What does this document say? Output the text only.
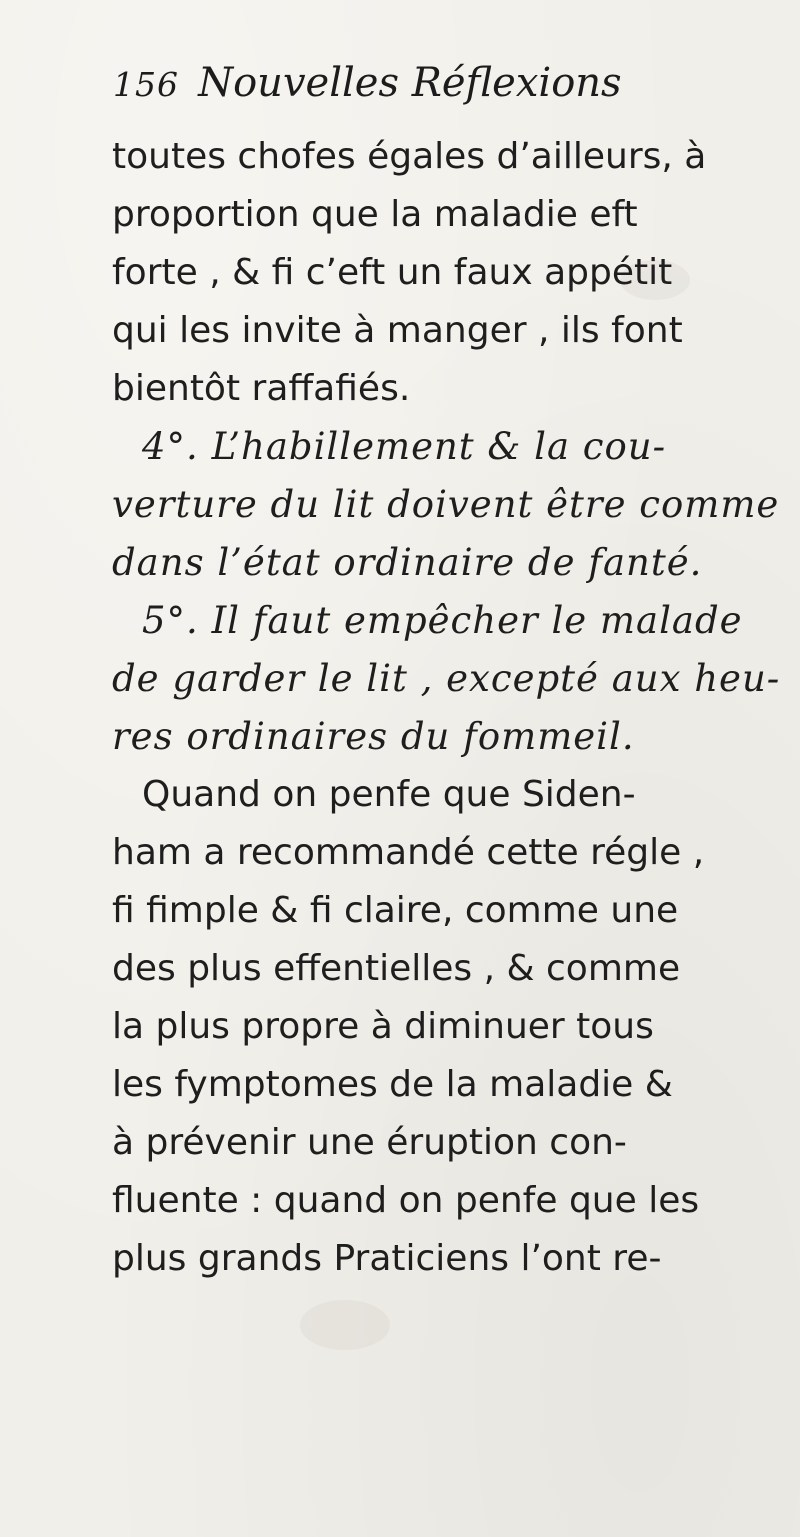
156 Nouvelles Réflexions
toutes chofes égales d’ailleurs, à
proportion que la maladie eft
forte , & fi c’eft un faux appétit
qui les invite à manger , ils font
bientôt raffafiés.
4°. L’habillement & la cou-
verture du lit doivent être comme
dans l’état ordinaire de fanté.
5°. Il faut empêcher le malade
de garder le lit , excepté aux heu-
res ordinaires du fommeil.
Quand on penfe que Siden-
ham a recommandé cette régle ,
fi fimple & fi claire, comme une
des plus effentielles , & comme
la plus propre à diminuer tous
les fymptomes de la maladie &
à prévenir une éruption con-
fluente : quand on penfe que les
plus grands Praticiens l’ont re-
